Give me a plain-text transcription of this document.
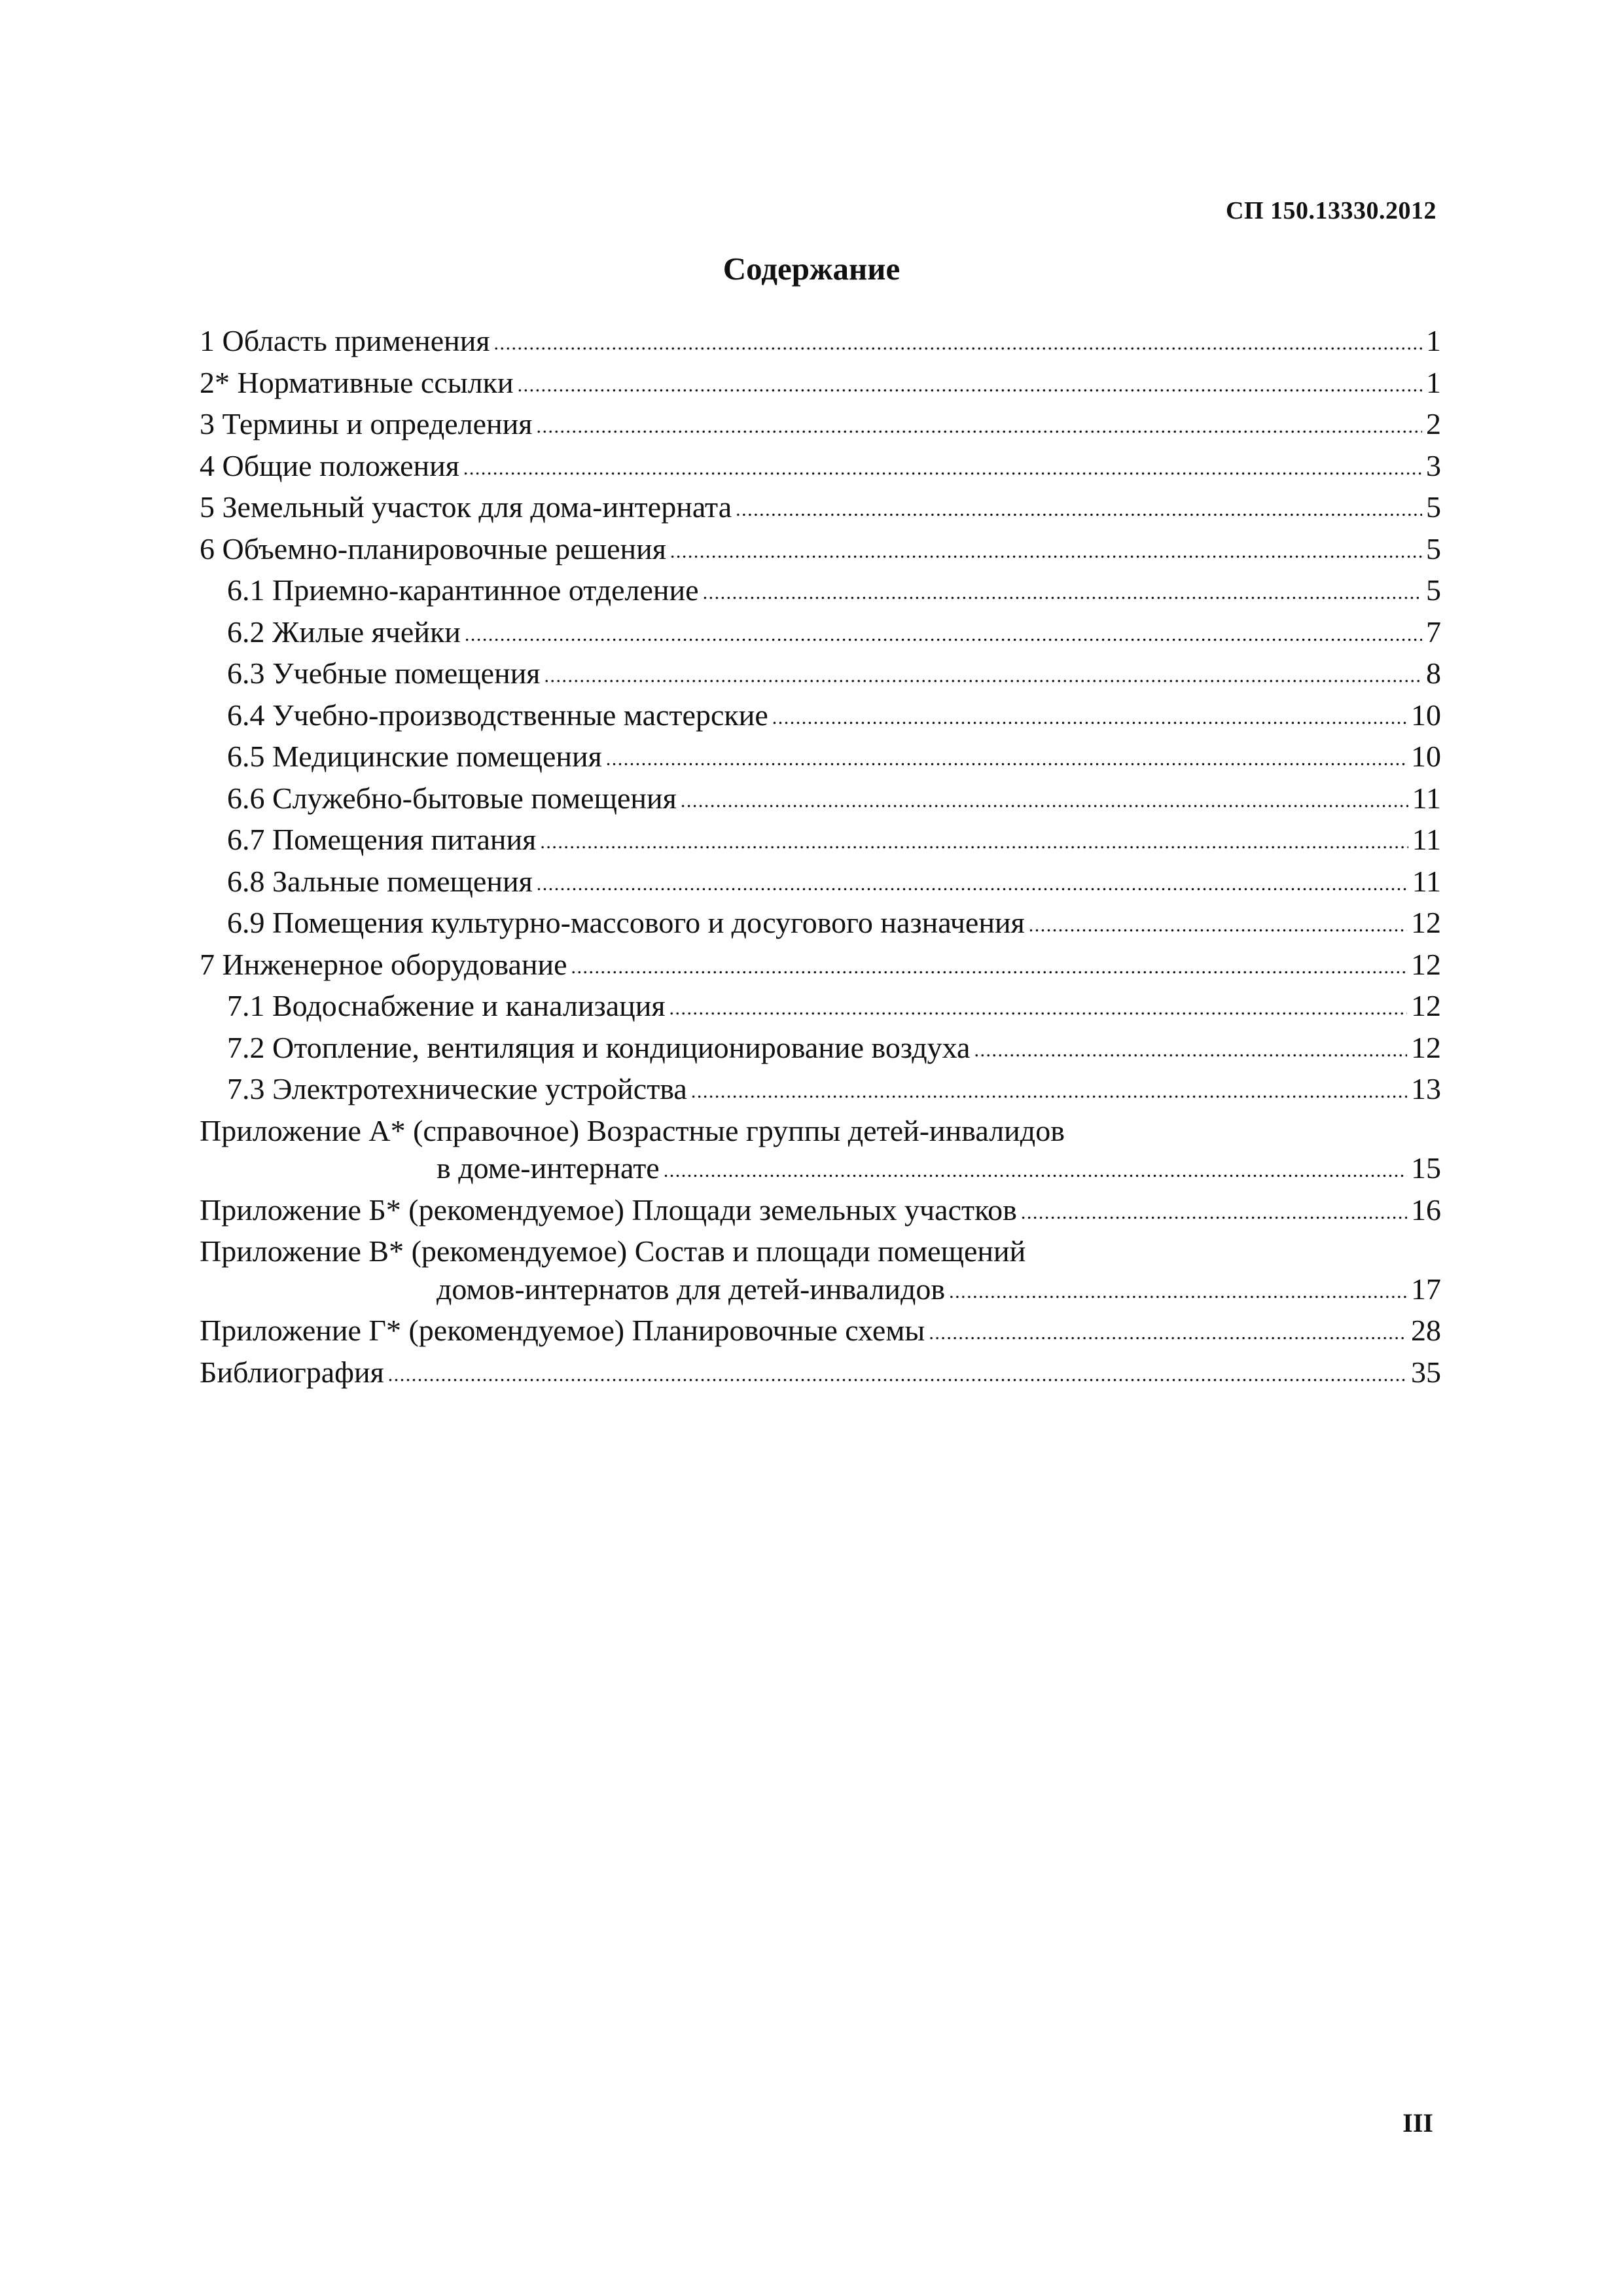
СП 150.13330.2012
Содержание
1 Область применения . . .	1
2* Нормативные ссылки . . .	1
3 Термины и определения . . .	2
4 Общие положения . . .	3
5 Земельный участок для дома-интерната . . .	5
6 Объемно-планировочные решения . . .	5
6.1 Приемно-карантинное отделение . . .	5
6.2 Жилые ячейки . . .	7
6.3 Учебные помещения . . .	8
6.4 Учебно-производственные мастерские . . .	10
6.5 Медицинские помещения . . .	10
6.6 Служебно-бытовые помещения . . .	11
6.7 Помещения питания . . .	11
6.8 Зальные помещения . . .	11
6.9 Помещения культурно-массового и досугового назначения . . .	12
7 Инженерное оборудование . . .	12
7.1 Водоснабжение и канализация . . .	12
7.2 Отопление, вентиляция и кондиционирование воздуха . . .	12
7.3 Электротехнические устройства . . .	13
Приложение А* (справочное) Возрастные группы детей-инвалидов
в доме-интернате . . .	15
Приложение Б* (рекомендуемое) Площади земельных участков . . .	16
Приложение В* (рекомендуемое) Состав и площади помещений
домов-интернатов для детей-инвалидов . . .	17
Приложение Г* (рекомендуемое) Планировочные схемы . . .	28
Библиография . . .	35
III
